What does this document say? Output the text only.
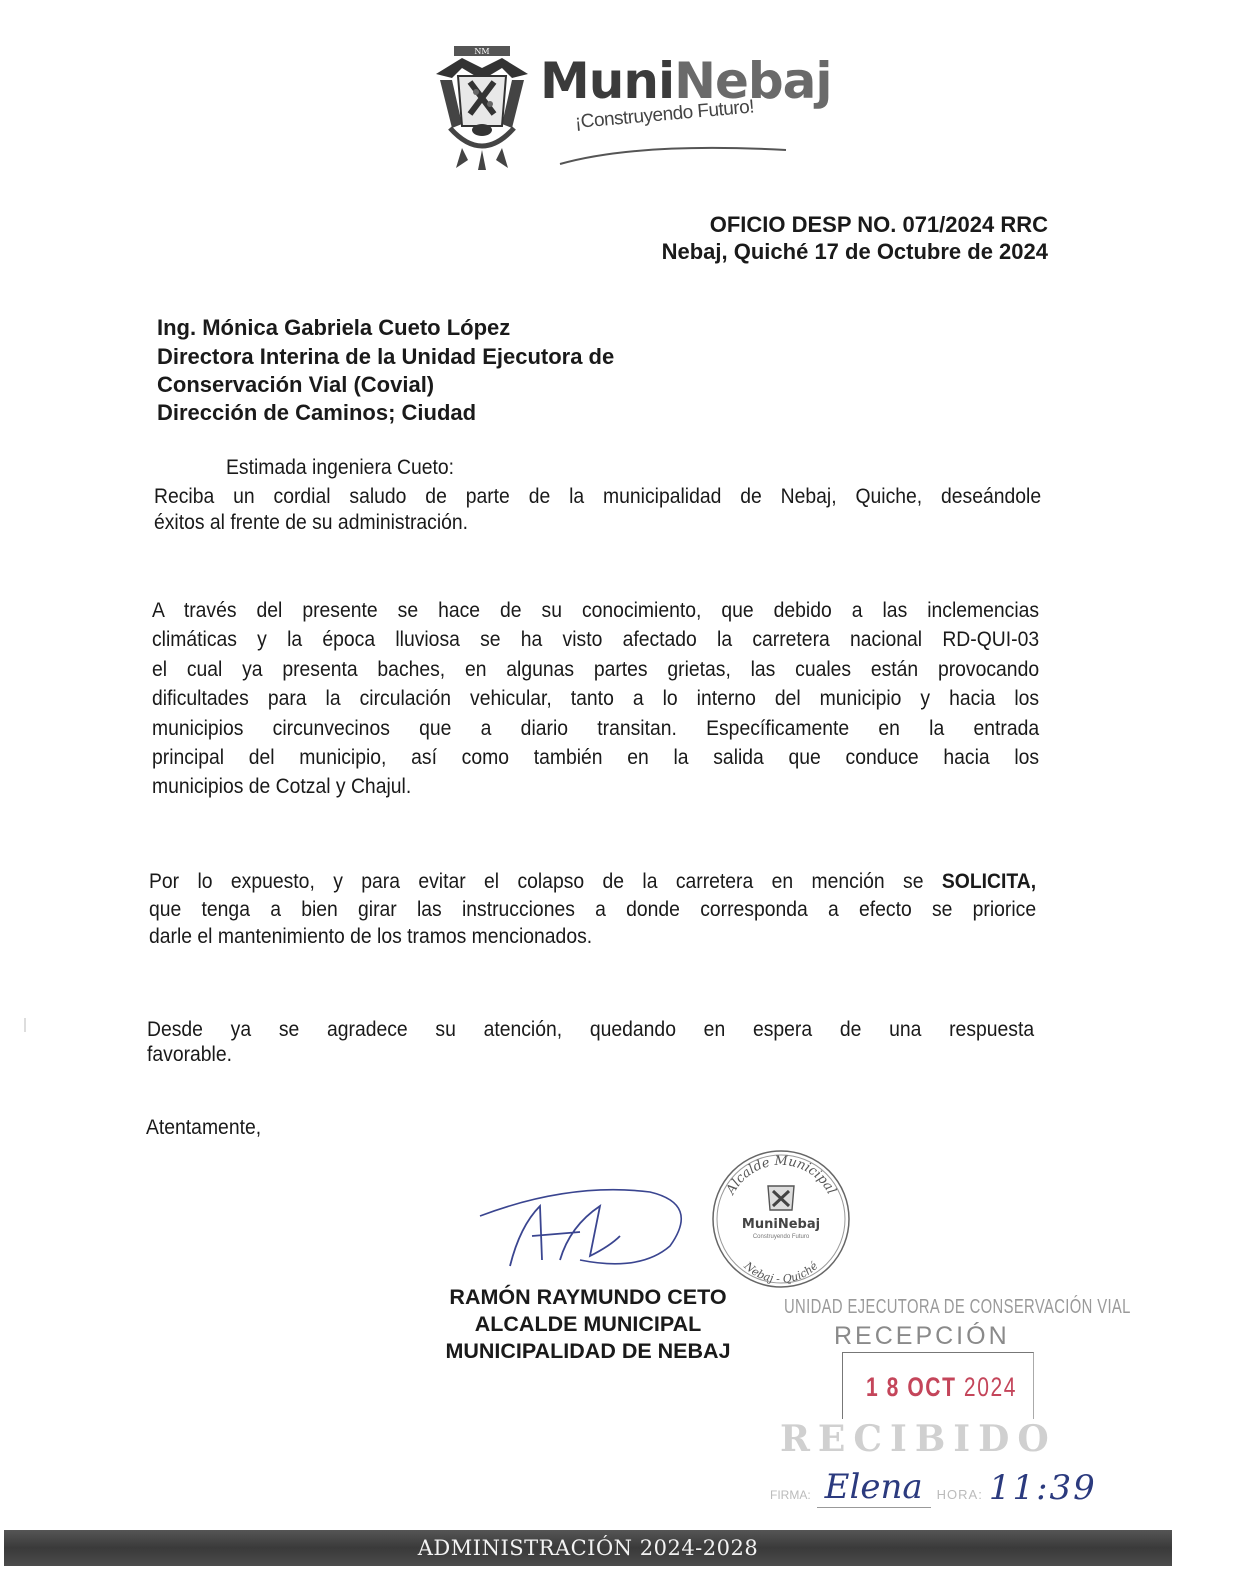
NM
MuniNebaj
¡Construyendo Futuro!
OFICIO DESP NO. 071/2024 RRC
Nebaj, Quiché 17 de Octubre de 2024
Ing. Mónica Gabriela Cueto López
Directora Interina de la Unidad Ejecutora de
Conservación Vial (Covial)
Dirección de Caminos; Ciudad
Estimada ingeniera Cueto:
Reciba un cordial saludo de parte de la municipalidad de Nebaj, Quiche, deseándole
éxitos al frente de su administración.
A través del presente se hace de su conocimiento, que debido a las inclemencias
climáticas y la época lluviosa se ha visto afectado la carretera nacional RD-QUI-03
el cual ya presenta baches, en algunas partes grietas, las cuales están provocando
dificultades para la circulación vehicular, tanto a lo interno del municipio y hacia los
municipios circunvecinos que a diario transitan. Específicamente en la entrada
principal del municipio, así como también en la salida que conduce hacia los
municipios de Cotzal y Chajul.
Por lo expuesto, y para evitar el colapso de la carretera en mención se SOLICITA,
que tenga a bien girar las instrucciones a donde corresponda a efecto se priorice
darle el mantenimiento de los tramos mencionados.
Desde ya se agradece su atención, quedando en espera de una respuesta
favorable.
Atentamente,
Alcalde Municipal
MuniNebaj
Construyendo Futuro
Nebaj - Quiché
RAMÓN RAYMUNDO CETO
ALCALDE MUNICIPAL
MUNICIPALIDAD DE NEBAJ
UNIDAD EJECUTORA DE CONSERVACIÓN VIAL
RECEPCIÓN
1 8 OCT 2024
RECIBIDO
FIRMA: Elena	HORA: 11:39
ADMINISTRACIÓN 2024-2028
